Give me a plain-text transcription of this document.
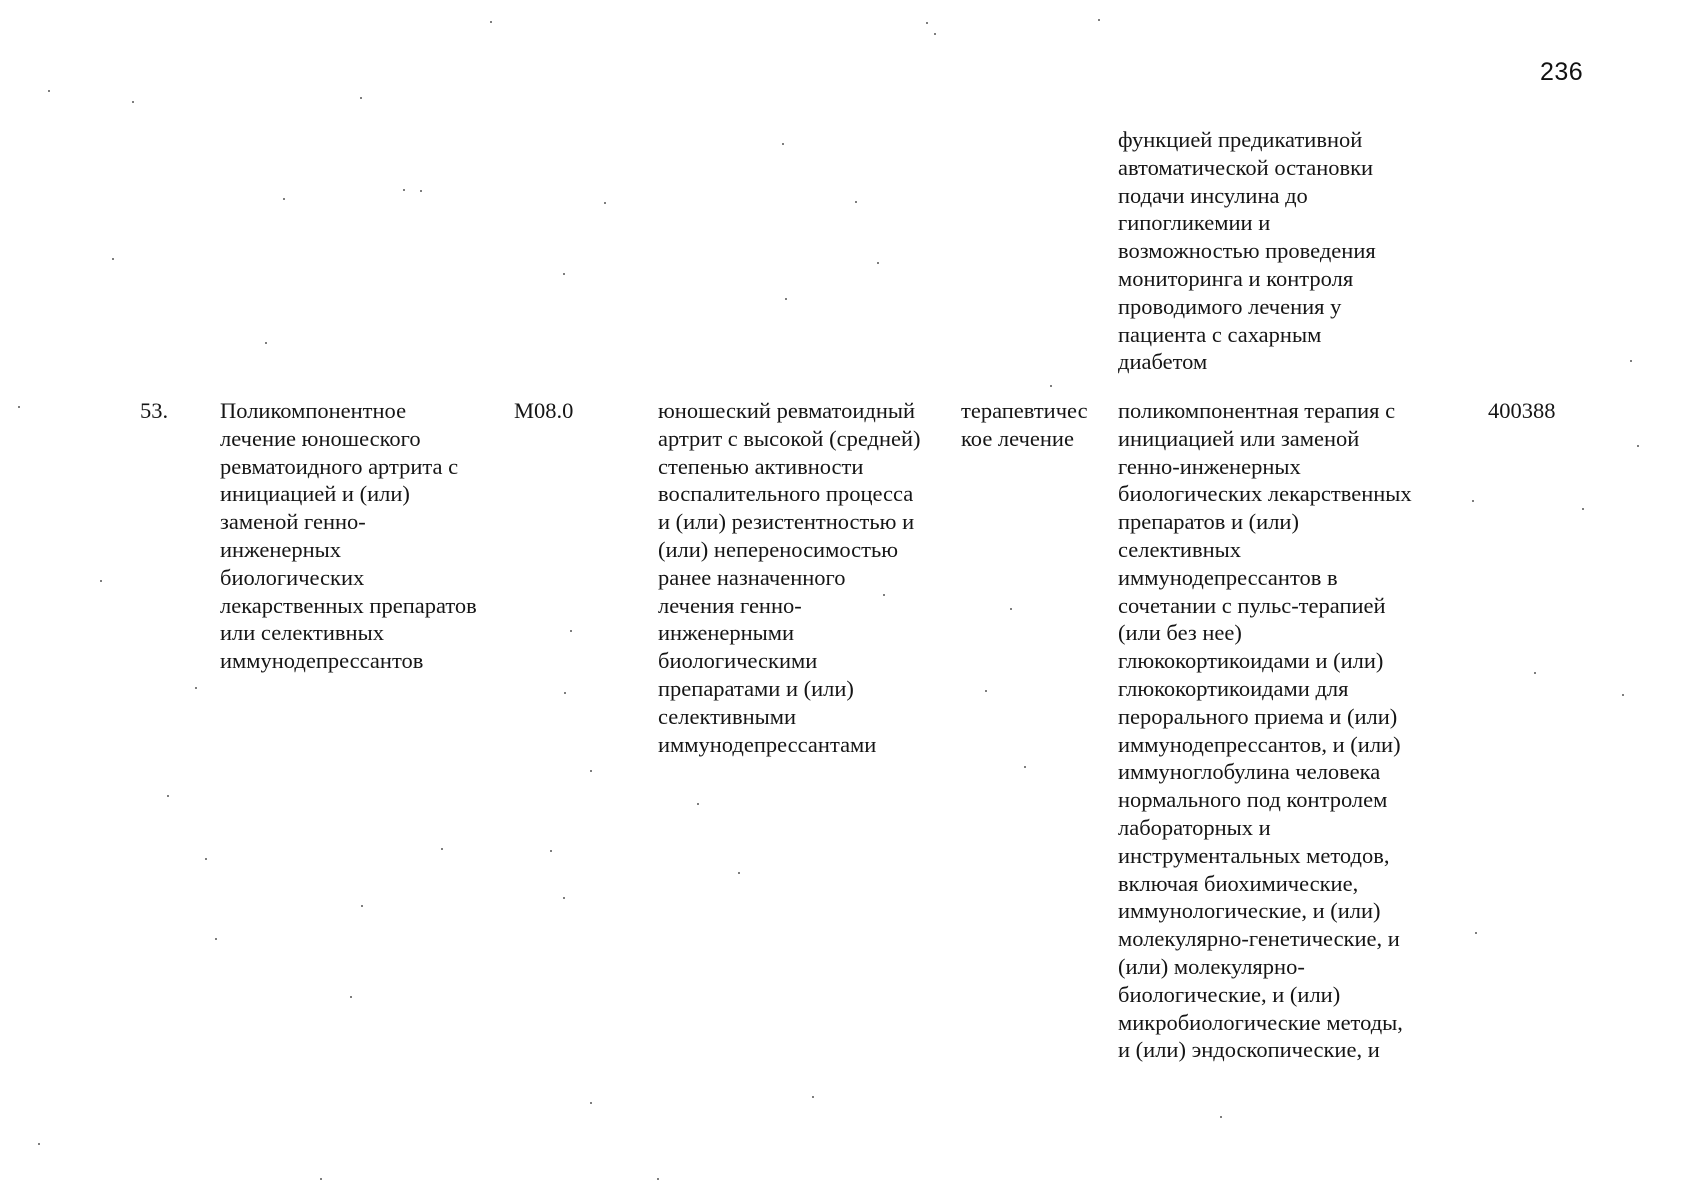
236
функцией предикативной
автоматической остановки
подачи инсулина до
гипогликемии и
возможностью проведения
мониторинга и контроля
проводимого лечения у
пациента с сахарным
диабетом
53.	Поликомпонентное
лечение юношеского
ревматоидного артрита с
инициацией и (или)
заменой генно-
инженерных
биологических
лекарственных препаратов
или селективных
иммунодепрессантов
М08.0	юношеский ревматоидный
артрит с высокой (средней)
степенью активности
воспалительного процесса
и (или) резистентностью и
(или) непереносимостью
ранее назначенного
лечения генно-
инженерными
биологическими
препаратами и (или)
селективными
иммунодепрессантами
терапевтичес
кое лечение
поликомпонентная терапия с
инициацией или заменой
генно-инженерных
биологических лекарственных
препаратов и (или)
селективных
иммунодепрессантов в
сочетании с пульс-терапией
(или без нее)
глюкокортикоидами и (или)
глюкокортикоидами для
перорального приема и (или)
иммунодепрессантов, и (или)
иммуноглобулина человека
нормального под контролем
лабораторных и
инструментальных методов,
включая биохимические,
иммунологические, и (или)
молекулярно-генетические, и
(или) молекулярно-
биологические, и (или)
микробиологические методы,
и (или) эндоскопические, и
400388
